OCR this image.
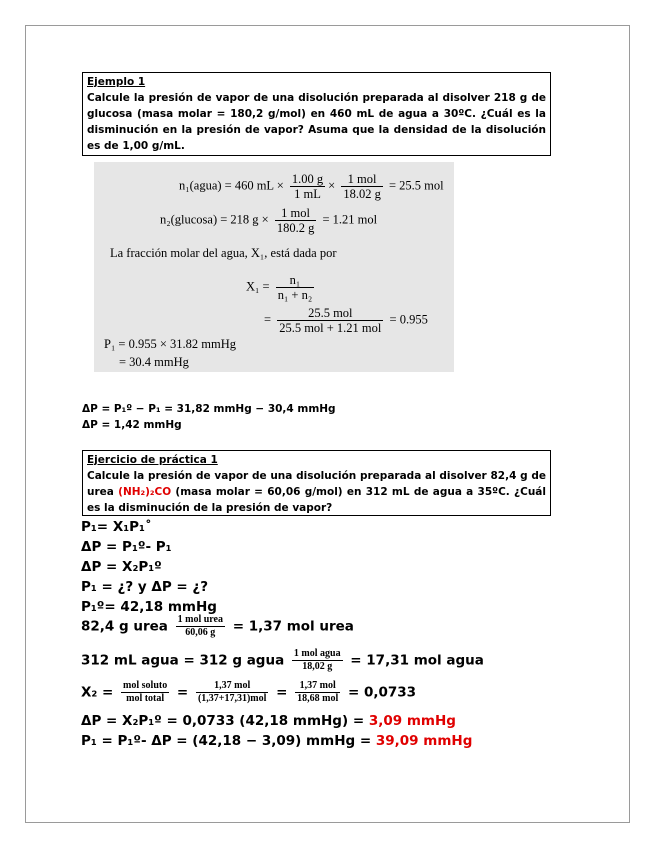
Ejemplo 1
Calcule la presión de vapor de una disolución preparada al disolver 218 g de glucosa (masa molar = 180,2 g/mol) en 460 mL de agua a 30ºC. ¿Cuál es la disminución en la presión de vapor? Asuma que la densidad de la disolución es de 1,00 g/mL.
n₁(agua) = 460 mL × $\frac{1.00 g}{1 mL} \times \frac{\text{1 mol}}{18.02 g} = 25.5$ mol
n₂(glucosa) = 218 $g \times \frac{\text{1 mol}}{180.2 g} = 1.21$ mol
La fracción molar del agua, X₁, está dada por
$X_1 = \frac{\text{n₁}}{\text{n₁ + n₂}}$
= $\frac{\text{25.5 mol}}{\text{25.5 mol + 1.21 mol}} = 0.955$
P₁ = 0.955 × 31.82 mmHg
= 30.4 mmHg
ΔP = P₁º − P₁ = 31,82 mmHg − 30,4 mmHg
ΔP = 1,42 mmHg
Ejercicio de práctica 1
Calcule la presión de vapor de una disolución preparada al disolver 82,4 g de urea (NH₂)₂CO (masa molar = 60,06 g/mol) en 312 mL de agua a 35ºC. ¿Cuál es la disminución de la presión de vapor?
P₁= X₁P₁˚
ΔP = P₁º- P₁
ΔP = X₂P₁º
P₁ = ¿? y ΔP = ¿?
P₁º= 42,18 mmHg
82,4 g urea 1 mol urea
60,06 g	= 1,37 mol urea
312 mL agua = 312 g agua 1 mol agua
18,02 g	= 17,31 mol agua
X₂ = mol soluto
mol total =	1,37 mol
(1,37+17,31)mol =	1,37 mol
18,68 mol = 0,0733
ΔP = X₂P₁º = 0,0733 (42,18 mmHg) = 3,09 mmHg
P₁ = P₁º- ΔP = (42,18 − 3,09) mmHg = 39,09 mmHg
